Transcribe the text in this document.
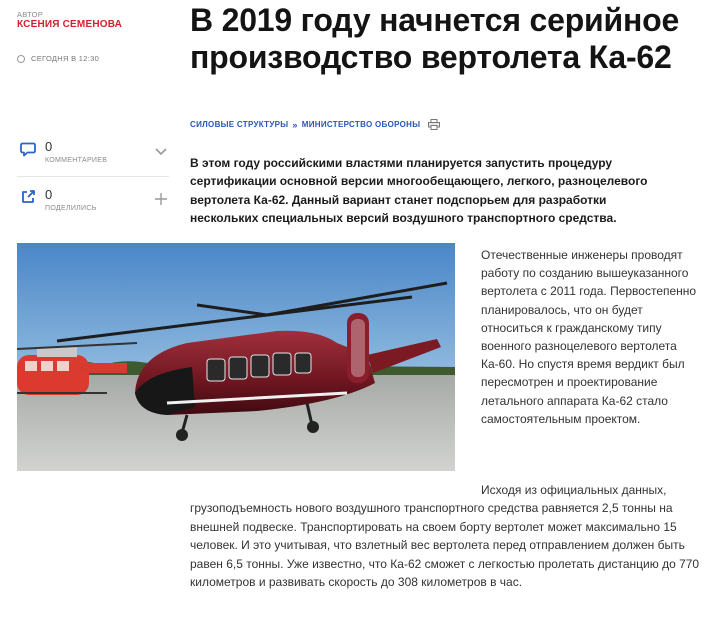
АВТОР
КСЕНИЯ СЕМЕНОВА
СЕГОДНЯ В 12:30
0
КОММЕНТАРИЕВ
0
ПОДЕЛИЛИСЬ
В 2019 году начнется серийное производство вертолета Ка-62
СИЛОВЫЕ СТРУКТУРЫ » МИНИСТЕРСТВО ОБОРОНЫ

В этом году российскими властями планируется запустить процедуру сертификации основной версии многообещающего, легкого, разноцелевого вертолета Ка-62. Данный вариант станет подспорьем для разработки нескольких специальных версий воздушного транспортного средства.

Отечественные инженеры проводят работу по созданию вышеуказанного вертолета с 2011 года. Первостепенно планировалось, что он будет относиться к гражданскому типу военного разноцелевого вертолета Ка-60. Но спустя время вердикт был пересмотрен и проектирование летального аппарата Ка-62 стало самостоятельным проектом.

Исходя из официальных данных, грузоподъемность нового воздушного транспортного средства равняется 2,5 тонны на внешней подвеске. Транспортировать на своем борту вертолет может максимально 15 человек. И это учитывая, что взлетный вес вертолета перед отправлением должен быть равен 6,5 тонны. Уже известно, что Ка-62 сможет с легкостью пролетать дистанцию до 770 километров и развивать скорость до 308 километров в час.
